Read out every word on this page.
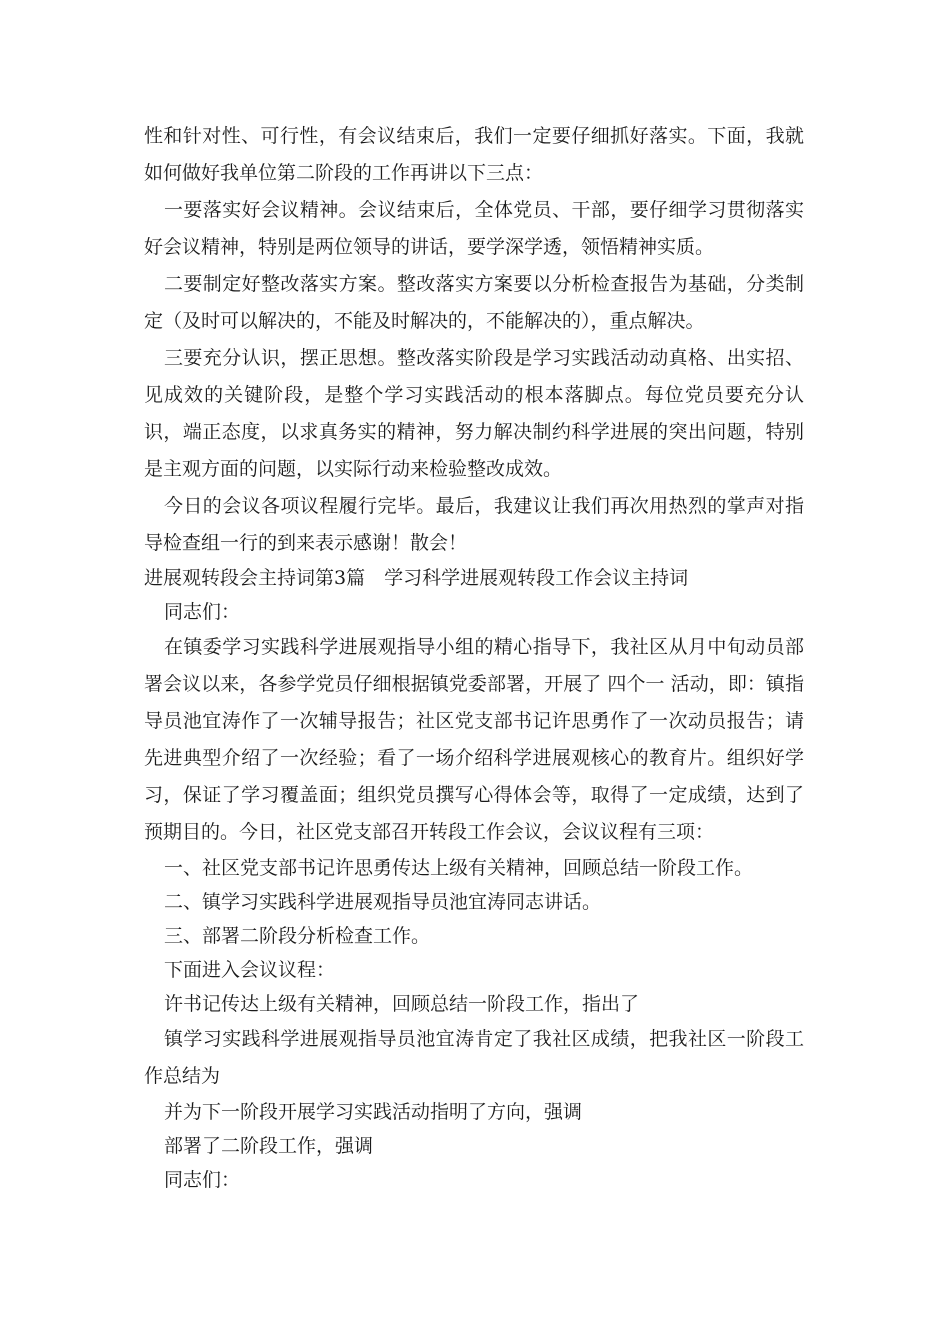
性和针对性、可行性，有会议结束后，我们一定要仔细抓好落实。下面，我就如何做好我单位第二阶段的工作再讲以下三点：

一要落实好会议精神。会议结束后，全体党员、干部，要仔细学习贯彻落实好会议精神，特别是两位领导的讲话，要学深学透，领悟精神实质。

二要制定好整改落实方案。整改落实方案要以分析检查报告为基础，分类制定（及时可以解决的，不能及时解决的，不能解决的），重点解决。

三要充分认识，摆正思想。整改落实阶段是学习实践活动动真格、出实招、见成效的关键阶段，是整个学习实践活动的根本落脚点。每位党员要充分认识，端正态度，以求真务实的精神，努力解决制约科学进展的突出问题，特别是主观方面的问题，以实际行动来检验整改成效。

今日的会议各项议程履行完毕。最后，我建议让我们再次用热烈的掌声对指导检查组一行的到来表示感谢！散会！

进展观转段会主持词第3篇　学习科学进展观转段工作会议主持词

同志们：

在镇委学习实践科学进展观指导小组的精心指导下，我社区从月中旬动员部署会议以来，各参学党员仔细根据镇党委部署，开展了 四个一 活动，即：镇指导员池宜涛作了一次辅导报告；社区党支部书记许思勇作了一次动员报告；请先进典型介绍了一次经验；看了一场介绍科学进展观核心的教育片。组织好学习，保证了学习覆盖面；组织党员撰写心得体会等，取得了一定成绩，达到了预期目的。今日，社区党支部召开转段工作会议，会议议程有三项：

一、社区党支部书记许思勇传达上级有关精神，回顾总结一阶段工作。

二、镇学习实践科学进展观指导员池宜涛同志讲话。

三、部署二阶段分析检查工作。

下面进入会议议程：

许书记传达上级有关精神，回顾总结一阶段工作，指出了

镇学习实践科学进展观指导员池宜涛肯定了我社区成绩，把我社区一阶段工作总结为

并为下一阶段开展学习实践活动指明了方向，强调

部署了二阶段工作，强调

同志们：
